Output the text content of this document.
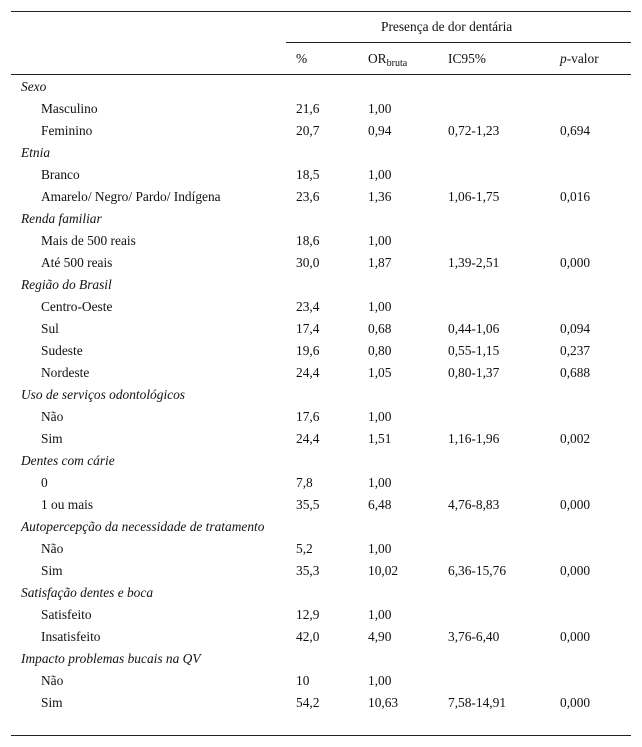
Presença de dor dentária
%	$OR_{bruta}$	IC95%	p-valor
Sexo
Masculino	21,6	1,00
Feminino	20,7	0,94	0,72-1,23	0,694
Etnia
Branco	18,5	1,00
Amarelo/ Negro/ Pardo/ Indígena	23,6	1,36	1,06-1,75	0,016
Renda familiar
Mais de 500 reais	18,6	1,00
Até 500 reais	30,0	1,87	1,39-2,51	0,000
Região do Brasil
Centro-Oeste	23,4	1,00
Sul	17,4	0,68	0,44-1,06	0,094
Sudeste	19,6	0,80	0,55-1,15	0,237
Nordeste	24,4	1,05	0,80-1,37	0,688
Uso de serviços odontológicos
Não	17,6	1,00
Sim	24,4	1,51	1,16-1,96	0,002
Dentes com cárie
0	7,8	1,00
1 ou mais	35,5	6,48	4,76-8,83	0,000
Autopercepção da necessidade de tratamento
Não	5,2	1,00
Sim	35,3	10,02	6,36-15,76	0,000
Satisfação dentes e boca
Satisfeito	12,9	1,00
Insatisfeito	42,0	4,90	3,76-6,40	0,000
Impacto problemas bucais na QV
Não	10	1,00
Sim	54,2	10,63	7,58-14,91	0,000
